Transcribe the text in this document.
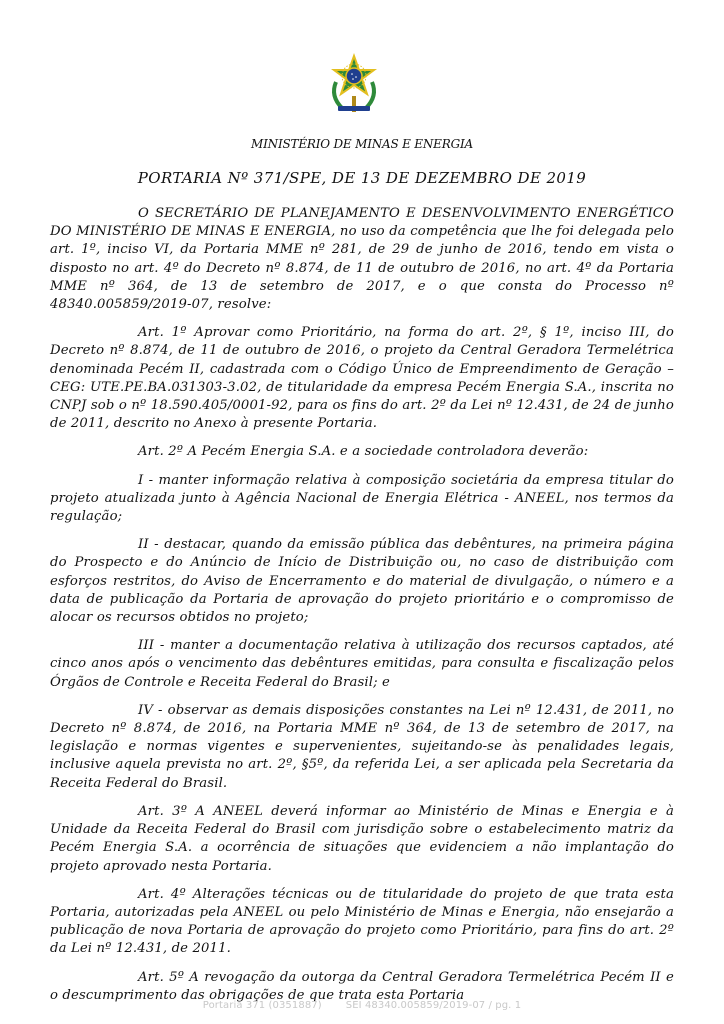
MINISTÉRIO DE MINAS E ENERGIA
PORTARIA Nº 371/SPE, DE 13 DE DEZEMBRO DE 2019

O SECRETÁRIO DE PLANEJAMENTO E DESENVOLVIMENTO ENERGÉTICO DO MINISTÉRIO DE MINAS E ENERGIA, no uso da competência que lhe foi delegada pelo art. 1º, inciso VI, da Portaria MME nº 281, de 29 de junho de 2016, tendo em vista o disposto no art. 4º do Decreto nº 8.874, de 11 de outubro de 2016, no art. 4º da Portaria MME nº 364, de 13 de setembro de 2017, e o que consta do Processo nº 48340.005859/2019-07, resolve:

Art. 1º Aprovar como Prioritário, na forma do art. 2º, § 1º, inciso III, do Decreto nº 8.874, de 11 de outubro de 2016, o projeto da Central Geradora Termelétrica denominada Pecém II, cadastrada com o Código Único de Empreendimento de Geração – CEG: UTE.PE.BA.031303-3.02, de titularidade da empresa Pecém Energia S.A., inscrita no CNPJ sob o nº 18.590.405/0001-92, para os fins do art. 2º da Lei nº 12.431, de 24 de junho de 2011, descrito no Anexo à presente Portaria.

Art. 2º A Pecém Energia S.A. e a sociedade controladora deverão:

I - manter informação relativa à composição societária da empresa titular do projeto atualizada junto à Agência Nacional de Energia Elétrica - ANEEL, nos termos da regulação;

II - destacar, quando da emissão pública das debêntures, na primeira página do Prospecto e do Anúncio de Início de Distribuição ou, no caso de distribuição com esforços restritos, do Aviso de Encerramento e do material de divulgação, o número e a data de publicação da Portaria de aprovação do projeto prioritário e o compromisso de alocar os recursos obtidos no projeto;

III - manter a documentação relativa à utilização dos recursos captados, até cinco anos após o vencimento das debêntures emitidas, para consulta e fiscalização pelos Órgãos de Controle e Receita Federal do Brasil; e

IV - observar as demais disposições constantes na Lei nº 12.431, de 2011, no Decreto nº 8.874, de 2016, na Portaria MME nº 364, de 13 de setembro de 2017, na legislação e normas vigentes e supervenientes, sujeitando-se às penalidades legais, inclusive aquela prevista no art. 2º, §5º, da referida Lei, a ser aplicada pela Secretaria da Receita Federal do Brasil.

Art. 3º A ANEEL deverá informar ao Ministério de Minas e Energia e à Unidade da Receita Federal do Brasil com jurisdição sobre o estabelecimento matriz da Pecém Energia S.A. a ocorrência de situações que evidenciem a não implantação do projeto aprovado nesta Portaria.

Art. 4º Alterações técnicas ou de titularidade do projeto de que trata esta Portaria, autorizadas pela ANEEL ou pelo Ministério de Minas e Energia, não ensejarão a publicação de nova Portaria de aprovação do projeto como Prioritário, para fins do art. 2º da Lei nº 12.431, de 2011.

Art. 5º A revogação da outorga da Central Geradora Termelétrica Pecém II e o descumprimento das obrigações de que trata esta Portaria

Portaria 371 (0351887) SEI 48340.005859/2019-07 / pg. 1
